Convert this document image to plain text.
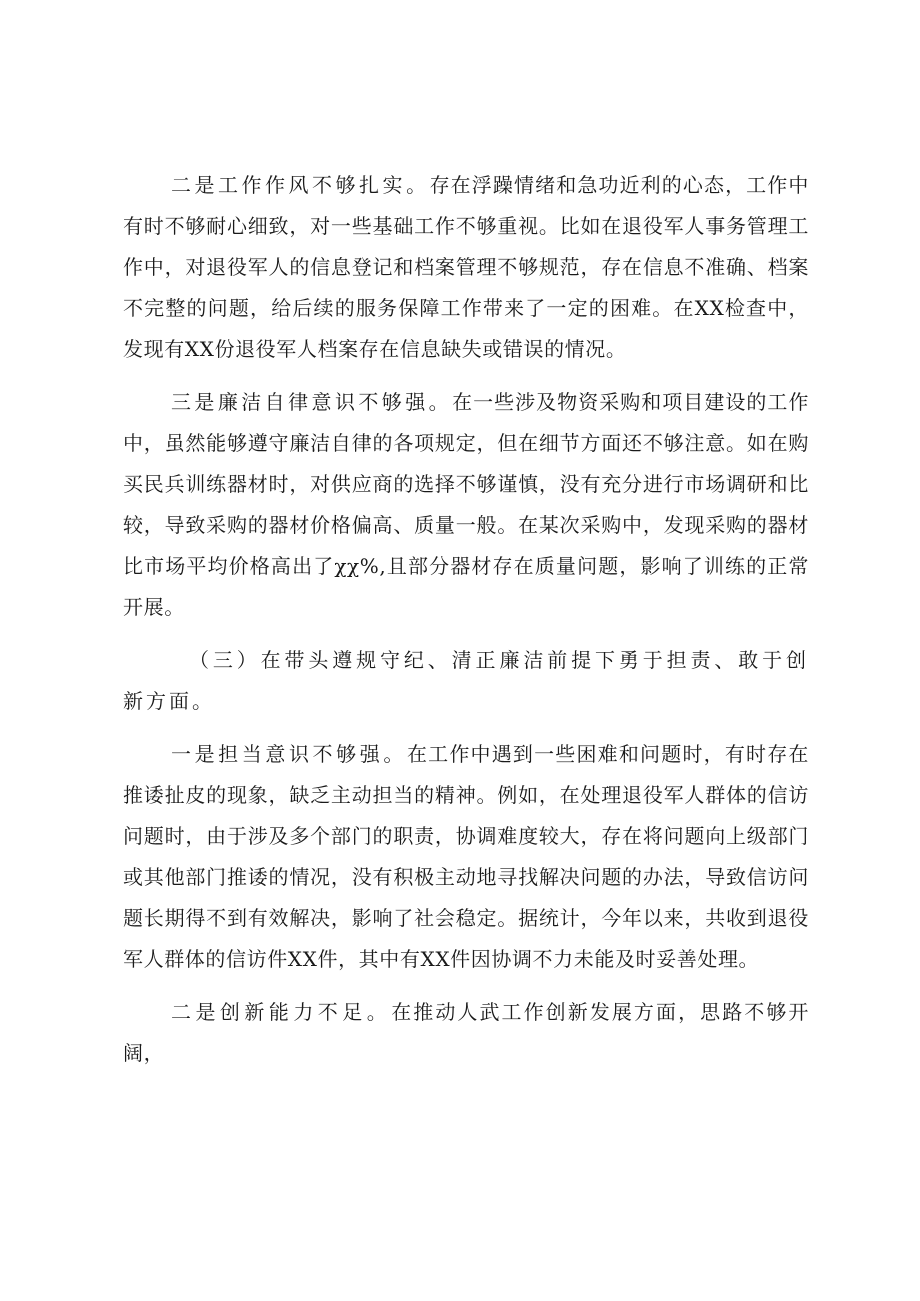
二是工作作风不够扎实。存在浮躁情绪和急功近利的心态，工作中有时不够耐心细致，对一些基础工作不够重视。比如在退役军人事务管理工作中，对退役军人的信息登记和档案管理不够规范，存在信息不准确、档案不完整的问题，给后续的服务保障工作带来了一定的困难。在XX检查中，发现有XX份退役军人档案存在信息缺失或错误的情况。

三是廉洁自律意识不够强。在一些涉及物资采购和项目建设的工作中，虽然能够遵守廉洁自律的各项规定，但在细节方面还不够注意。如在购买民兵训练器材时，对供应商的选择不够谨慎，没有充分进行市场调研和比较，导致采购的器材价格偏高、质量一般。在某次采购中，发现采购的器材比市场平均价格高出了χχ%,且部分器材存在质量问题，影响了训练的正常开展。

（三）在带头遵规守纪、清正廉洁前提下勇于担责、敢于创新方面。

一是担当意识不够强。在工作中遇到一些困难和问题时，有时存在推诿扯皮的现象，缺乏主动担当的精神。例如，在处理退役军人群体的信访问题时，由于涉及多个部门的职责，协调难度较大，存在将问题向上级部门或其他部门推诿的情况，没有积极主动地寻找解决问题的办法，导致信访问题长期得不到有效解决，影响了社会稳定。据统计，今年以来，共收到退役军人群体的信访件XX件，其中有XX件因协调不力未能及时妥善处理。

二是创新能力不足。在推动人武工作创新发展方面，思路不够开阔，
